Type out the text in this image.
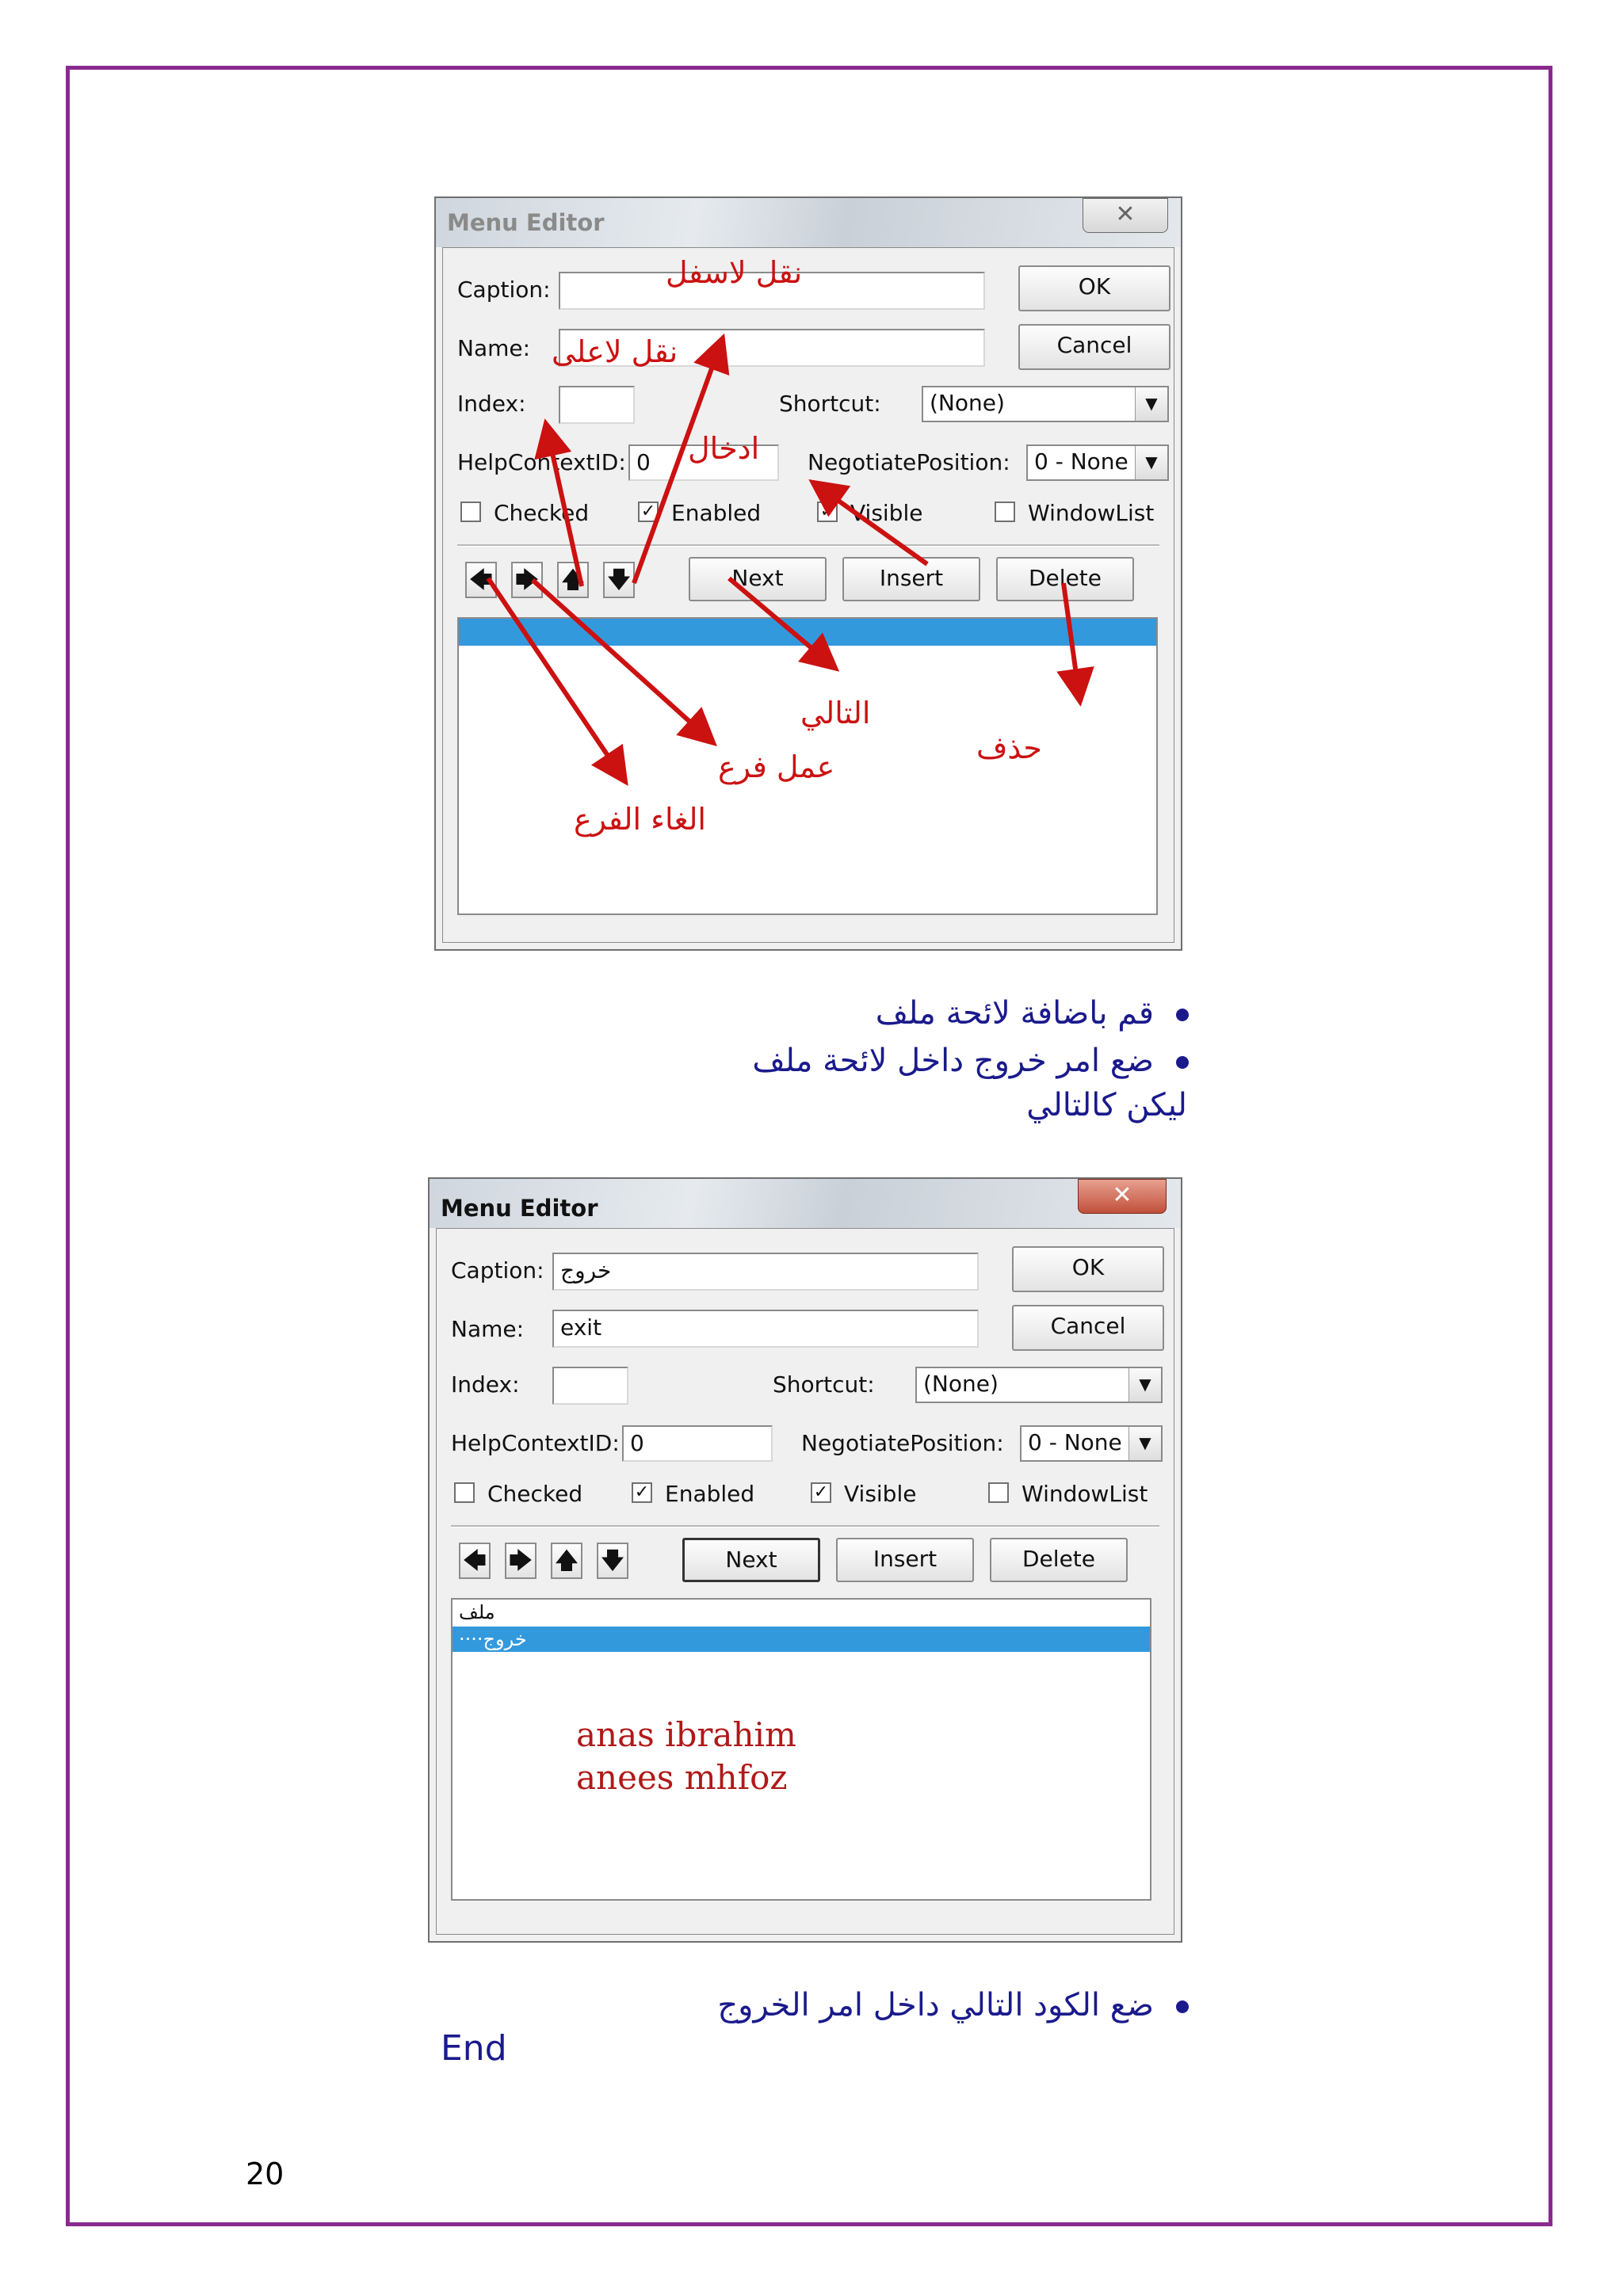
Menu Editor	✕
Caption:	OK
Name:	Cancel
Index:	Shortcut:	(None)	▼
HelpContextID: 0	NegotiatePosition:	0 - None	▼
Checked	✓ Enabled	✓ Visible	WindowList
🡄 🡆 🡅 🡇	Next	Insert	Delete
نقل لاسفل
نقل لاعلى
ادخال
التالي
حذف
عمل فرع
الغاء الفرع
قم باضافة لائحة ملف
ضع امر خروج داخل لائحة ملف
ليكن كالتالي
Menu Editor	✕
Caption: خروج	OK
Name:	exit	Cancel
Index:	Shortcut:	(None)	▼
HelpContextID: 0	NegotiatePosition:	0 - None	▼
Checked	✓ Enabled	✓ Visible	WindowList
🡄 🡆 🡅 🡇	Next	Insert	Delete
ملف
····خروج
anas ibrahim
anees mhfoz
ضع الكود التالي داخل امر الخروج
End
20
